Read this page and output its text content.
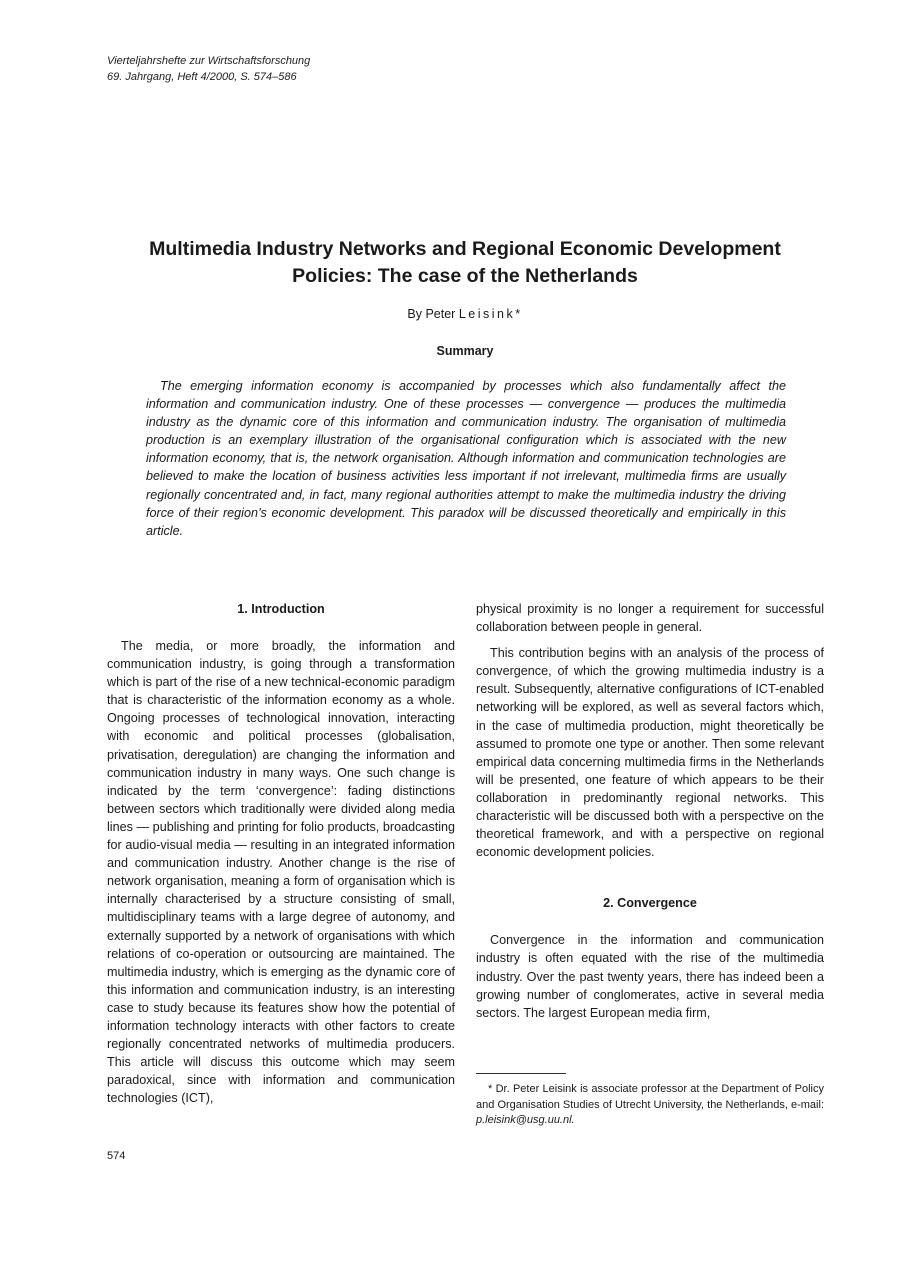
Vierteljahrshefte zur Wirtschaftsforschung
69. Jahrgang, Heft 4/2000, S. 574–586
Multimedia Industry Networks and Regional Economic Development
Policies: The case of the Netherlands
By Peter Leisink*
Summary

The emerging information economy is accompanied by processes which also fundamentally affect the information and communication industry. One of these processes — convergence — produces the multimedia industry as the dynamic core of this information and communication industry. The organisation of multimedia production is an exemplary illustration of the organisational configuration which is associated with the new information economy, that is, the network organisation. Although information and communication technologies are believed to make the location of business activities less important if not irrelevant, multimedia firms are usually regionally concentrated and, in fact, many regional authorities attempt to make the multimedia industry the driving force of their region’s economic development. This paradox will be discussed theoretically and empirically in this article.

1. Introduction

The media, or more broadly, the information and communication industry, is going through a transformation which is part of the rise of a new technical-economic paradigm that is characteristic of the information economy as a whole. Ongoing processes of technological innovation, interacting with economic and political processes (globalisation, privatisation, deregulation) are changing the information and communication industry in many ways. One such change is indicated by the term ‘convergence’: fading distinctions between sectors which traditionally were divided along media lines — publishing and printing for folio products, broadcasting for audio-visual media — resulting in an integrated information and communication industry. Another change is the rise of network organisation, meaning a form of organisation which is internally characterised by a structure consisting of small, multidisciplinary teams with a large degree of autonomy, and externally supported by a network of organisations with which relations of co-operation or outsourcing are maintained. The multimedia industry, which is emerging as the dynamic core of this information and communication industry, is an interesting case to study because its features show how the potential of information technology interacts with other factors to create regionally concentrated networks of multimedia producers. This article will discuss this outcome which may seem paradoxical, since with information and communication technologies (ICT),

physical proximity is no longer a requirement for successful collaboration between people in general.

This contribution begins with an analysis of the process of convergence, of which the growing multimedia industry is a result. Subsequently, alternative configurations of ICT-enabled networking will be explored, as well as several factors which, in the case of multimedia production, might theoretically be assumed to promote one type or another. Then some relevant empirical data concerning multimedia firms in the Netherlands will be presented, one feature of which appears to be their collaboration in predominantly regional networks. This characteristic will be discussed both with a perspective on the theoretical framework, and with a perspective on regional economic development policies.

2. Convergence

Convergence in the information and communication industry is often equated with the rise of the multimedia industry. Over the past twenty years, there has indeed been a growing number of conglomerates, active in several media sectors. The largest European media firm,

* Dr. Peter Leisink is associate professor at the Department of Policy and Organisation Studies of Utrecht University, the Netherlands, e-mail: p.leisink@usg.uu.nl.

574
